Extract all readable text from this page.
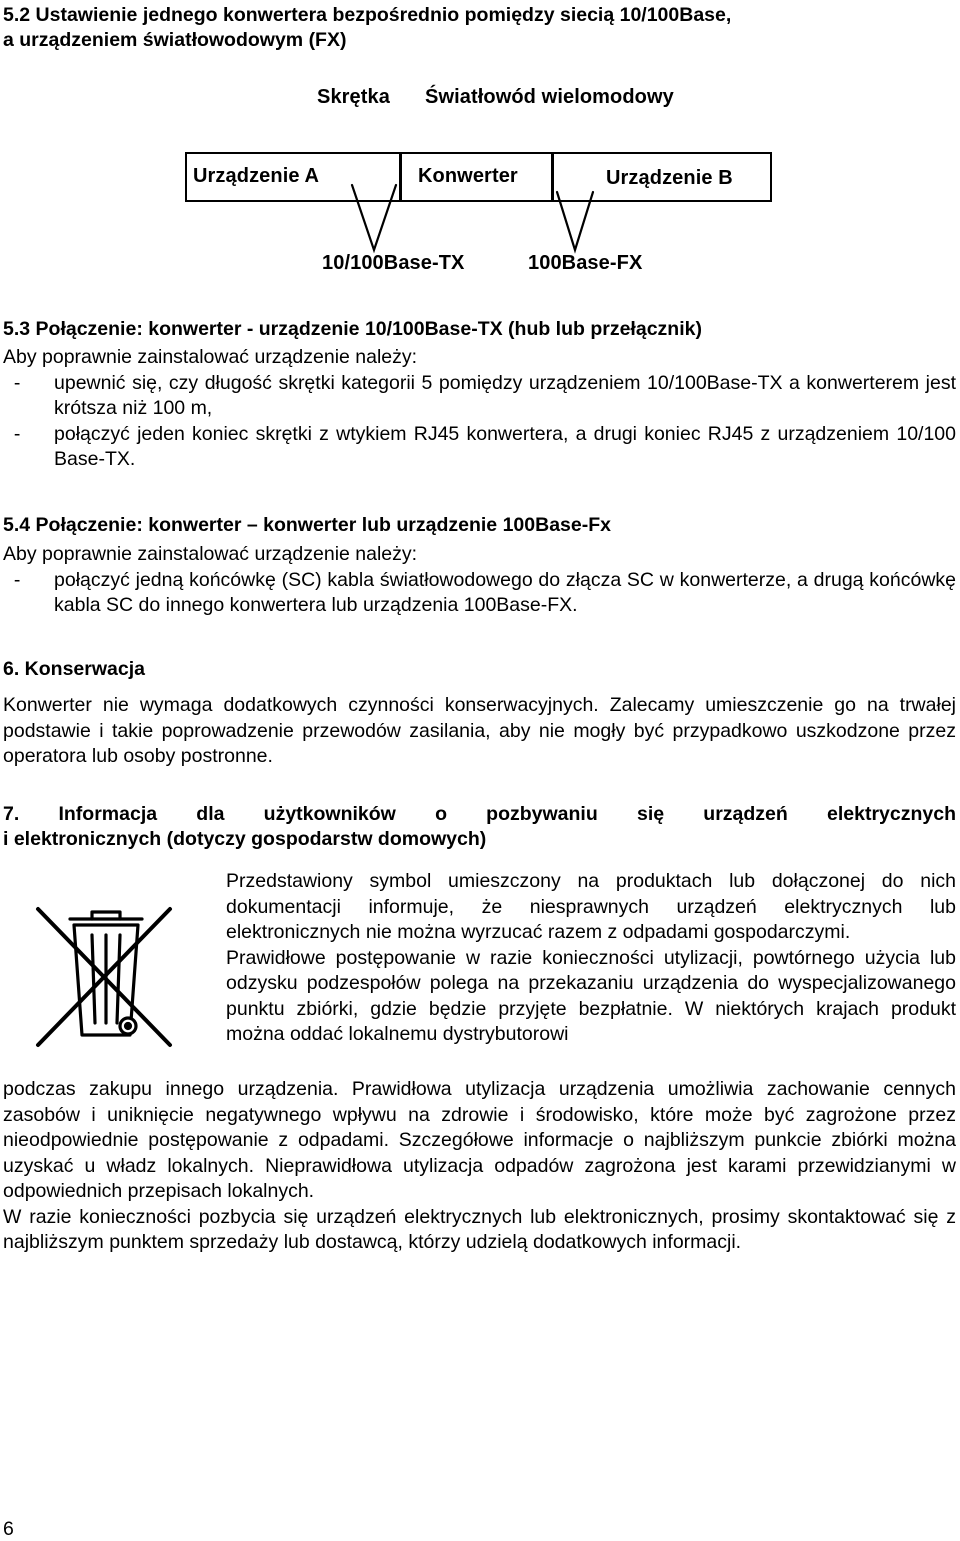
5.2 Ustawienie jednego konwertera bezpośrednio pomiędzy siecią 10/100Base,

a urządzeniem światłowodowym (FX)

Skrętka Światłowód wielomodowy
Urządzenie A	Konwerter	Urządzenie B
10/100Base-TX	100Base-FX

5.3 Połączenie: konwerter - urządzenie 10/100Base-TX (hub lub przełącznik)

Aby poprawnie zainstalować urządzenie należy:

-	upewnić się, czy długość skrętki kategorii 5 pomiędzy urządzeniem 10/100Base-TX a konwerterem jest krótsza niż 100 m,
-	połączyć jeden koniec skrętki z wtykiem RJ45 konwertera, a drugi koniec RJ45 z urządzeniem 10/100 Base-TX.

5.4 Połączenie: konwerter – konwerter lub urządzenie 100Base-Fx

Aby poprawnie zainstalować urządzenie należy:

-	połączyć jedną końcówkę (SC) kabla światłowodowego do złącza SC w konwerterze, a drugą końcówkę kabla SC do innego konwertera lub urządzenia 100Base-FX.

6. Konserwacja

Konwerter nie wymaga dodatkowych czynności konserwacyjnych. Zalecamy umieszczenie go na trwałej podstawie i takie poprowadzenie przewodów zasilania, aby nie mogły być przypadkowo uszkodzone przez operatora lub osoby postronne.

7. Informacja dla użytkowników o pozbywaniu się urządzeń elektrycznych

i elektronicznych (dotyczy gospodarstw domowych)

Przedstawiony symbol umieszczony na produktach lub dołączonej do nich dokumentacji informuje, że niesprawnych urządzeń elektrycznych lub elektronicznych nie można wyrzucać razem z odpadami gospodarczymi.

Prawidłowe postępowanie w razie konieczności utylizacji, powtórnego użycia lub odzysku podzespołów polega na przekazaniu urządzenia do wyspecjalizowanego punktu zbiórki, gdzie będzie przyjęte bezpłatnie. W niektórych krajach produkt można oddać lokalnemu dystrybutorowi

podczas zakupu innego urządzenia. Prawidłowa utylizacja urządzenia umożliwia zachowanie cennych zasobów i uniknięcie negatywnego wpływu na zdrowie i środowisko, które może być zagrożone przez nieodpowiednie postępowanie z odpadami. Szczegółowe informacje o najbliższym punkcie zbiórki można uzyskać u władz lokalnych. Nieprawidłowa utylizacja odpadów zagrożona jest karami przewidzianymi w odpowiednich przepisach lokalnych.

W razie konieczności pozbycia się urządzeń elektrycznych lub elektronicznych, prosimy skontaktować się z najbliższym punktem sprzedaży lub dostawcą, którzy udzielą dodatkowych informacji.

6
